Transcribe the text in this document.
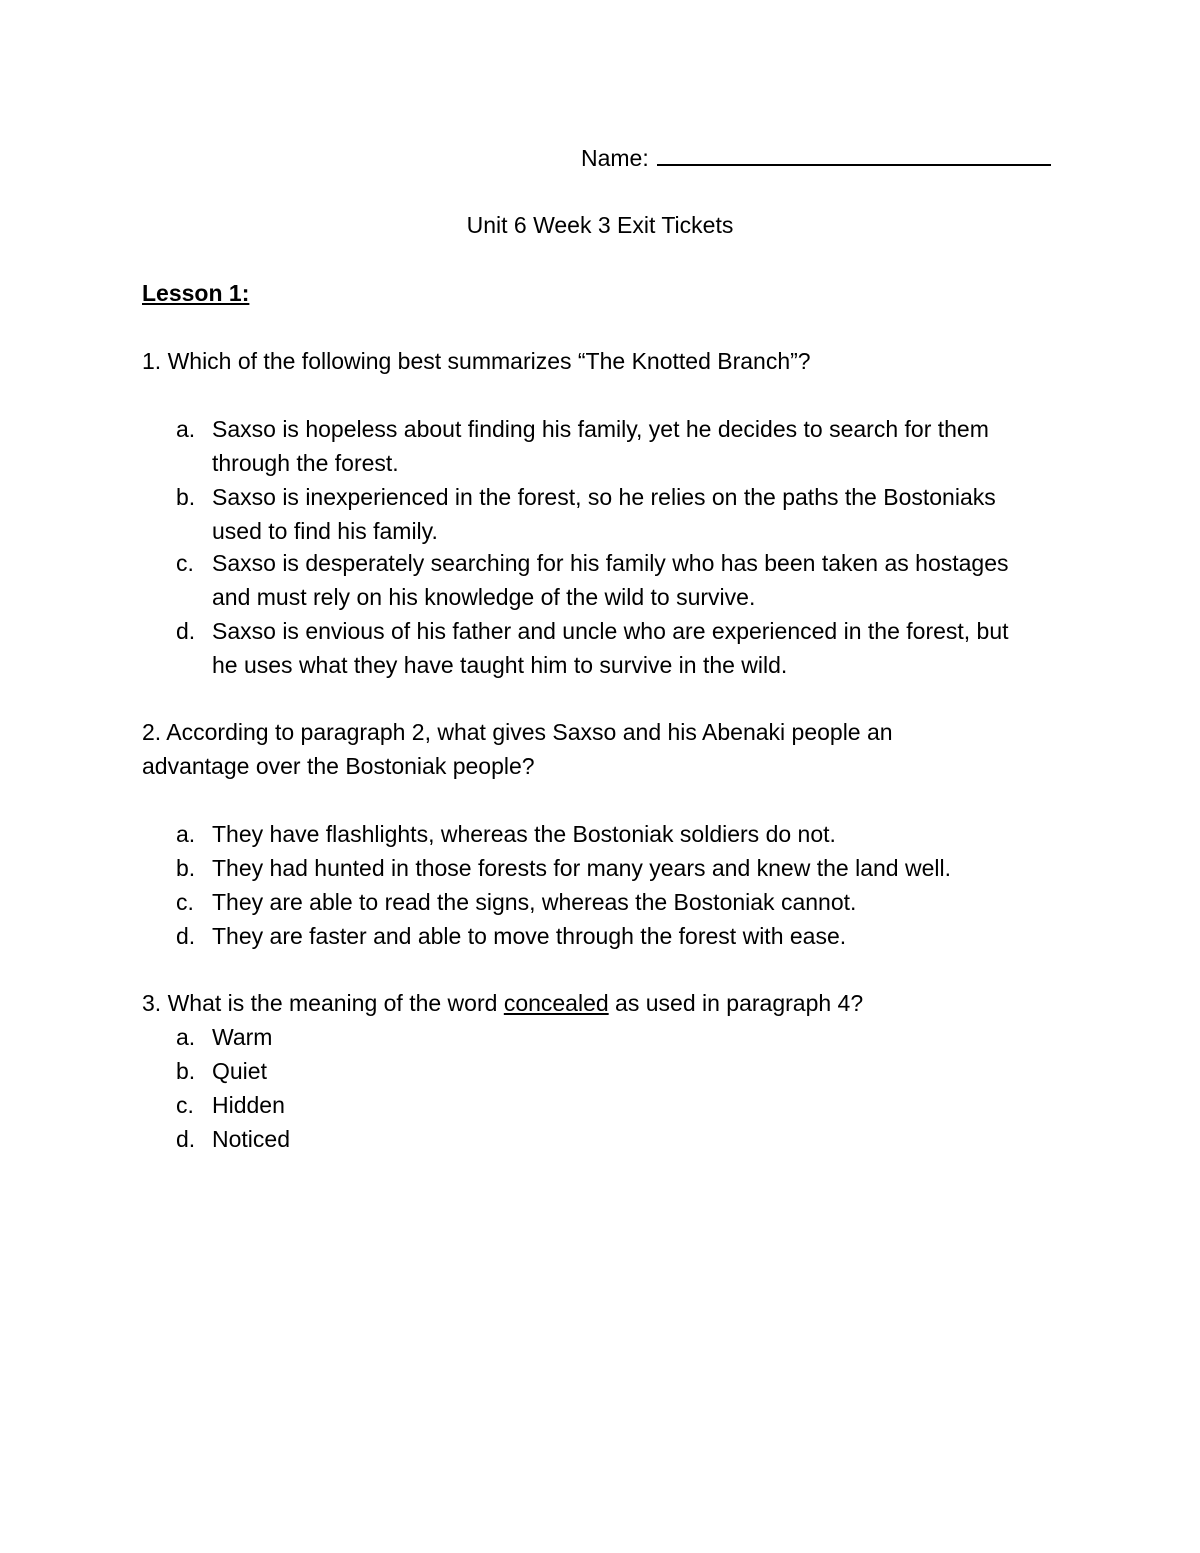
Name:
Unit 6 Week 3 Exit Tickets
Lesson 1:
1. Which of the following best summarizes “The Knotted Branch”?
a. Saxso is hopeless about finding his family, yet he decides to search for them through the forest.
b. Saxso is inexperienced in the forest, so he relies on the paths the Bostoniaks used to find his family.
c. Saxso is desperately searching for his family who has been taken as hostages and must rely on his knowledge of the wild to survive.
d. Saxso is envious of his father and uncle who are experienced in the forest, but he uses what they have taught him to survive in the wild.
2. According to paragraph 2, what gives Saxso and his Abenaki people an
advantage over the Bostoniak people?
a. They have flashlights, whereas the Bostoniak soldiers do not.
b. They had hunted in those forests for many years and knew the land well.
c. They are able to read the signs, whereas the Bostoniak cannot.
d. They are faster and able to move through the forest with ease.
3. What is the meaning of the word concealed as used in paragraph 4?
a. Warm
b. Quiet
c. Hidden
d. Noticed
